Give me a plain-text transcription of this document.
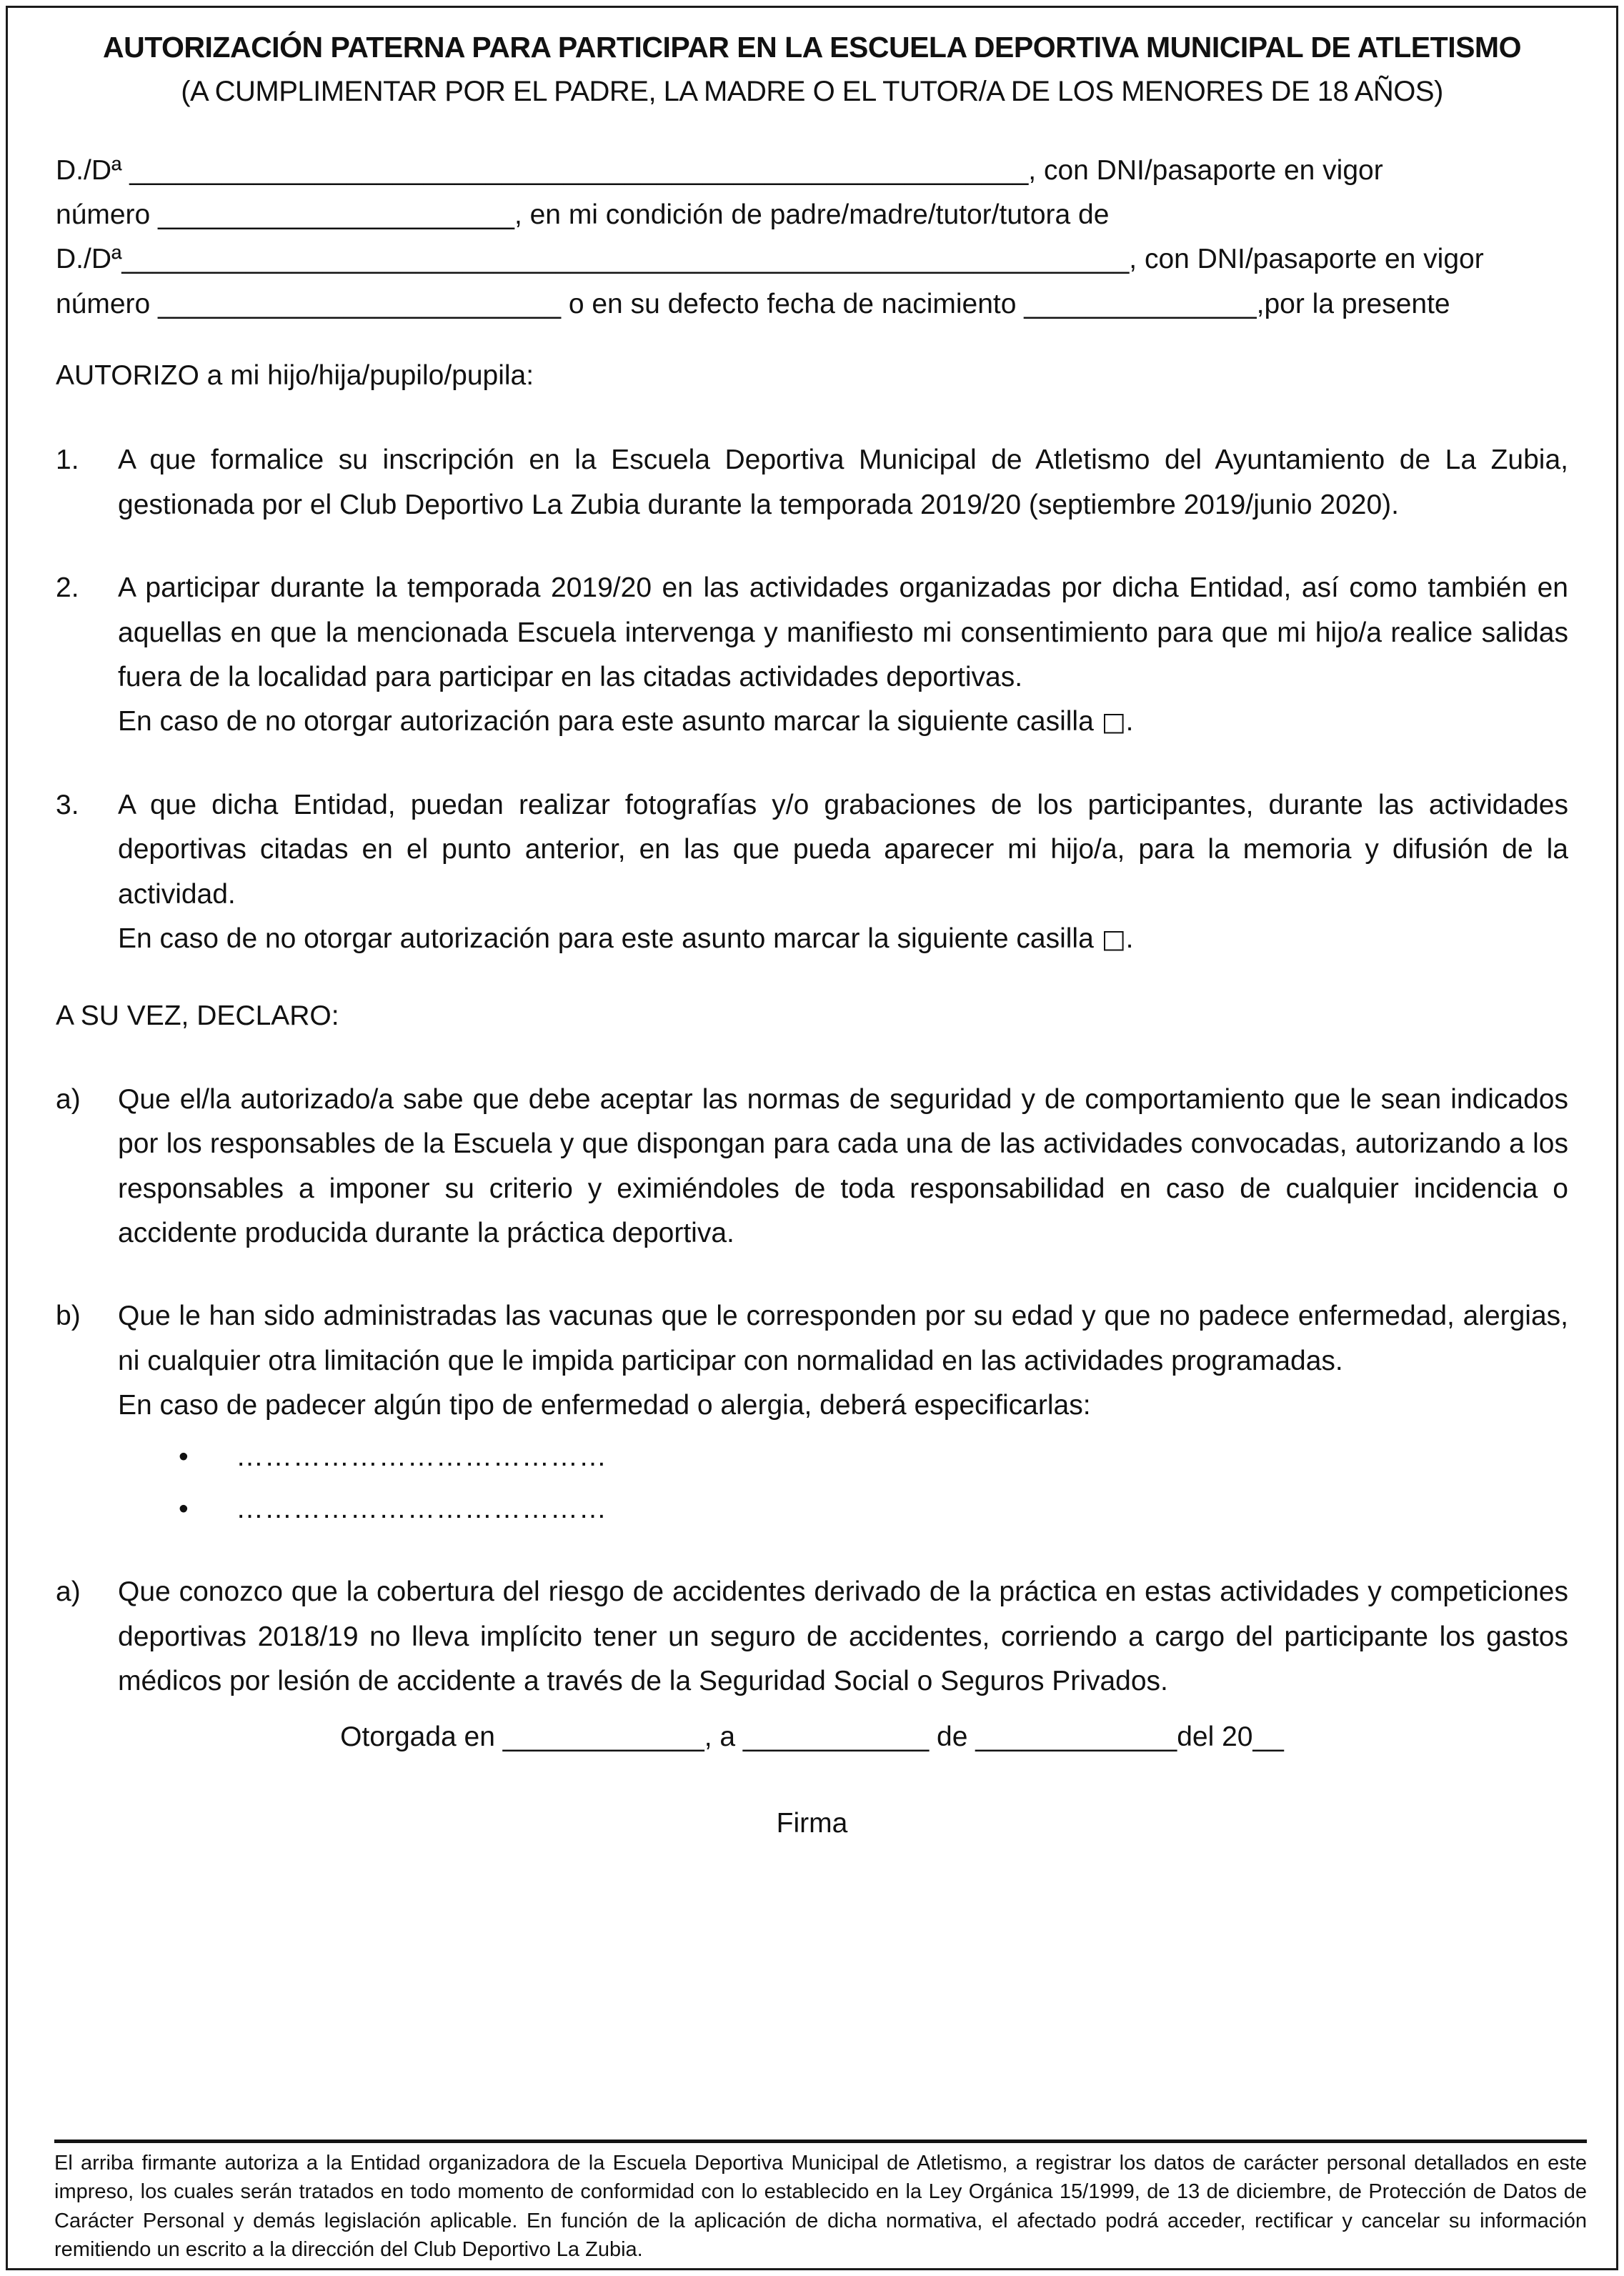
AUTORIZACIÓN PATERNA PARA PARTICIPAR EN LA ESCUELA DEPORTIVA MUNICIPAL DE ATLETISMO
(A CUMPLIMENTAR POR EL PADRE, LA MADRE O EL TUTOR/A DE LOS MENORES DE 18 AÑOS)
D./Dª __________________________________________________________, con DNI/pasaporte en vigor
número _______________________, en mi condición de padre/madre/tutor/tutora de
D./Dª_________________________________________________________________, con DNI/pasaporte en vigor
número __________________________ o en su defecto fecha de nacimiento _______________,por la presente

AUTORIZO a mi hijo/hija/pupilo/pupila:

1.	A que formalice su inscripción en la Escuela Deportiva Municipal de Atletismo del Ayuntamiento de La Zubia, gestionada por el Club Deportivo La Zubia durante la temporada 2019/20 (septiembre 2019/junio 2020).

2.	A participar durante la temporada 2019/20 en las actividades organizadas por dicha Entidad, así como también en aquellas en que la mencionada Escuela intervenga y manifiesto mi consentimiento para que mi hijo/a realice salidas fuera de la localidad para participar en las citadas actividades deportivas.

En caso de no otorgar autorización para este asunto marcar la siguiente casilla □.

3.	A que dicha Entidad, puedan realizar fotografías y/o grabaciones de los participantes, durante las actividades deportivas citadas en el punto anterior, en las que pueda aparecer mi hijo/a, para la memoria y difusión de la actividad.

En caso de no otorgar autorización para este asunto marcar la siguiente casilla □.

A SU VEZ, DECLARO:

a)	Que el/la autorizado/a sabe que debe aceptar las normas de seguridad y de comportamiento que le sean indicados por los responsables de la Escuela y que dispongan para cada una de las actividades convocadas, autorizando a los responsables a imponer su criterio y eximiéndoles de toda responsabilidad en caso de cualquier incidencia o accidente producida durante la práctica deportiva.

b)	Que le han sido administradas las vacunas que le corresponden por su edad y que no padece enfermedad, alergias, ni cualquier otra limitación que le impida participar con normalidad en las actividades programadas.

En caso de padecer algún tipo de enfermedad o alergia, deberá especificarlas:

•	…………………………………
•	…………………………………
a)	Que conozco que la cobertura del riesgo de accidentes derivado de la práctica en estas actividades y competiciones deportivas 2018/19 no lleva implícito tener un seguro de accidentes, corriendo a cargo del participante los gastos médicos por lesión de accidente a través de la Seguridad Social o Seguros Privados.

Otorgada en _____________, a ____________ de _____________del 20__
Firma

El arriba firmante autoriza a la Entidad organizadora de la Escuela Deportiva Municipal de Atletismo, a registrar los datos de carácter personal detallados en este impreso, los cuales serán tratados en todo momento de conformidad con lo establecido en la Ley Orgánica 15/1999, de 13 de diciembre, de Protección de Datos de Carácter Personal y demás legislación aplicable. En función de la aplicación de dicha normativa, el afectado podrá acceder, rectificar y cancelar su información remitiendo un escrito a la dirección del Club Deportivo La Zubia.
